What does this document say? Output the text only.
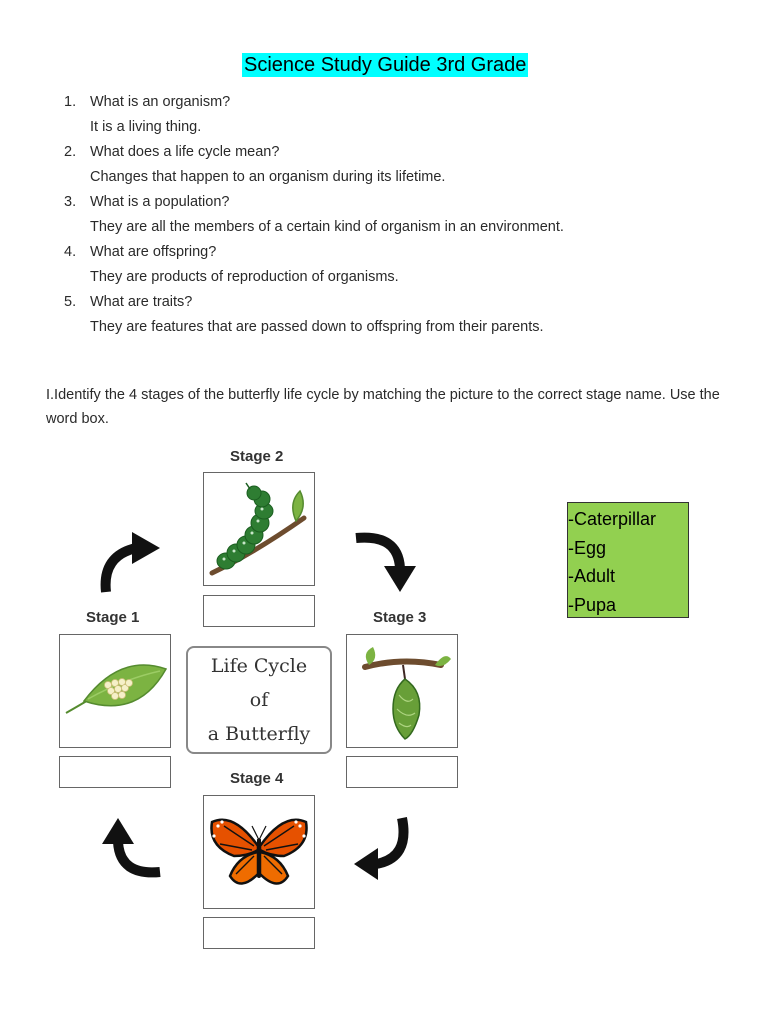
Science Study Guide 3rd Grade
1. What is an organism?
It is a living thing.
2. What does a life cycle mean?
Changes that happen to an organism during its lifetime.
3. What is a population?
They are all the members of a certain kind of organism in an environment.
4. What are offspring?
They are products of reproduction of organisms.
5. What are traits?
They are features that are passed down to offspring from their parents.
I.Identify the 4 stages of the butterfly life cycle by matching the picture to the correct stage name. Use the word box.
Stage 2
Stage 1	Stage 3
Stage 4
Life Cycle
of
a Butterfly
-Caterpillar
-Egg
-Adult
-Pupa
